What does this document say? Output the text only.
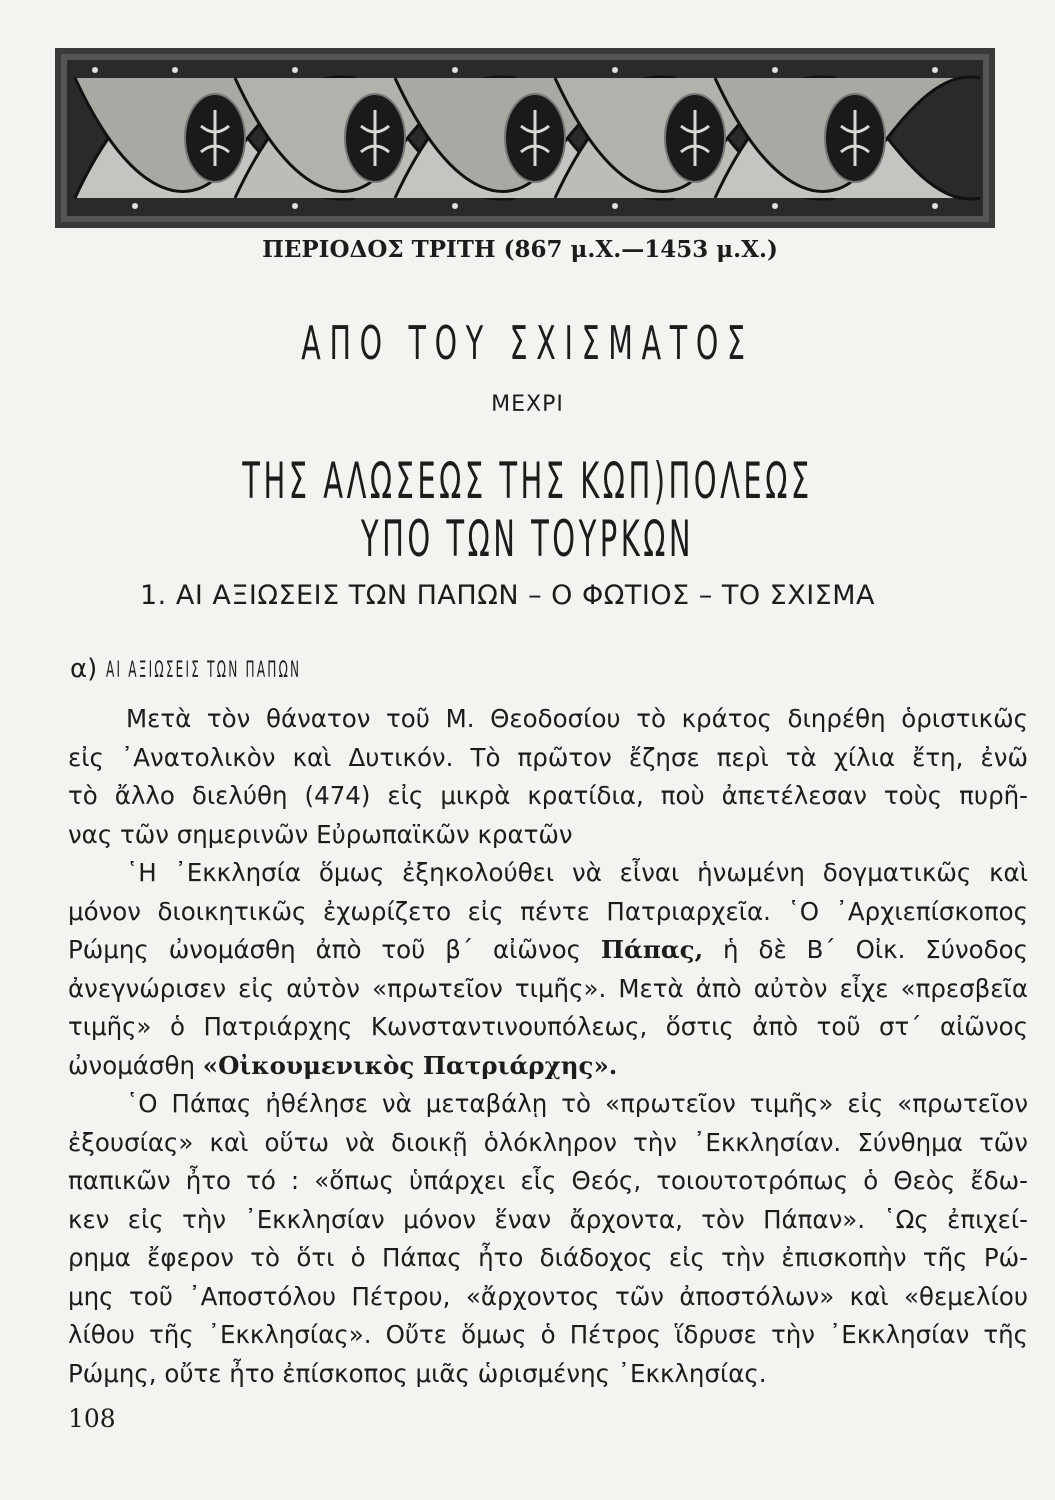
ΠΕΡΙΟΔΟΣ ΤΡΙΤΗ (867 μ.Χ.—1453 μ.Χ.)
ΑΠΟ ΤΟΥ ΣΧΙΣΜΑΤΟΣ
ΜΕΧΡΙ
ΤΗΣ ΑΛΩΣΕΩΣ ΤΗΣ ΚΩΠ)ΠΟΛΕΩΣ ΥΠΟ ΤΩΝ ΤΟΥΡΚΩΝ
1. ΑΙ ΑΞΙΩΣΕΙΣ ΤΩΝ ΠΑΠΩΝ – Ο ΦΩΤΙΟΣ – ΤΟ ΣΧΙΣΜΑ
α) ΑΙ ΑΞΙΩΣΕΙΣ ΤΩΝ ΠΑΠΩΝ
Μετὰ τὸν θάνατον τοῦ Μ. Θεοδοσίου τὸ κράτος διηρέθη ὁριστικῶς
εἰς ᾿Ανατολικὸν καὶ Δυτικόν. Τὸ πρῶτον ἔζησε περὶ τὰ χίλια ἔτη, ἐνῶ
τὸ ἄλλο διελύθη (474) εἰς μικρὰ κρατίδια, ποὺ ἀπετέλεσαν τοὺς πυρῆ-
νας τῶν σημερινῶν Εὐρωπαϊκῶν κρατῶν
῾Η ᾿Εκκλησία ὅμως ἐξηκολούθει νὰ εἶναι ἡνωμένη δογματικῶς καὶ
μόνον διοικητικῶς ἐχωρίζετο εἰς πέντε Πατριαρχεῖα. ῾Ο ᾿Αρχιεπίσκοπος
Ρώμης ὠνομάσθη ἀπὸ τοῦ β΄ αἰῶνος Πάπας, ἡ δὲ Β΄ Οἰκ. Σύνοδος
ἀνεγνώρισεν εἰς αὐτὸν «πρωτεῖον τιμῆς». Μετὰ ἀπὸ αὐτὸν εἶχε «πρεσβεῖα
τιμῆς» ὁ Πατριάρχης Κωνσταντινουπόλεως, ὅστις ἀπὸ τοῦ στ΄ αἰῶνος
ὠνομάσθη «Οἰκουμενικὸς Πατριάρχης».
῾Ο Πάπας ἠθέλησε νὰ μεταβάλῃ τὸ «πρωτεῖον τιμῆς» εἰς «πρωτεῖον
ἐξουσίας» καὶ οὕτω νὰ διοικῇ ὁλόκληρον τὴν ᾿Εκκλησίαν. Σύνθημα τῶν
παπικῶν ἦτο τό : «ὅπως ὑπάρχει εἷς Θεός, τοιουτοτρόπως ὁ Θεὸς ἔδω-
κεν εἰς τὴν ᾿Εκκλησίαν μόνον ἕναν ἄρχοντα, τὸν Πάπαν». ῾Ως ἐπιχεί-
ρημα ἔφερον τὸ ὅτι ὁ Πάπας ἦτο διάδοχος εἰς τὴν ἐπισκοπὴν τῆς Ρώ-
μης τοῦ ᾿Αποστόλου Πέτρου, «ἄρχοντος τῶν ἀποστόλων» καὶ «θεμελίου
λίθου τῆς ᾿Εκκλησίας». Οὔτε ὅμως ὁ Πέτρος ἵδρυσε τὴν ᾿Εκκλησίαν τῆς
Ρώμης, οὔτε ἦτο ἐπίσκοπος μιᾶς ὡρισμένης ᾿Εκκλησίας.
108
